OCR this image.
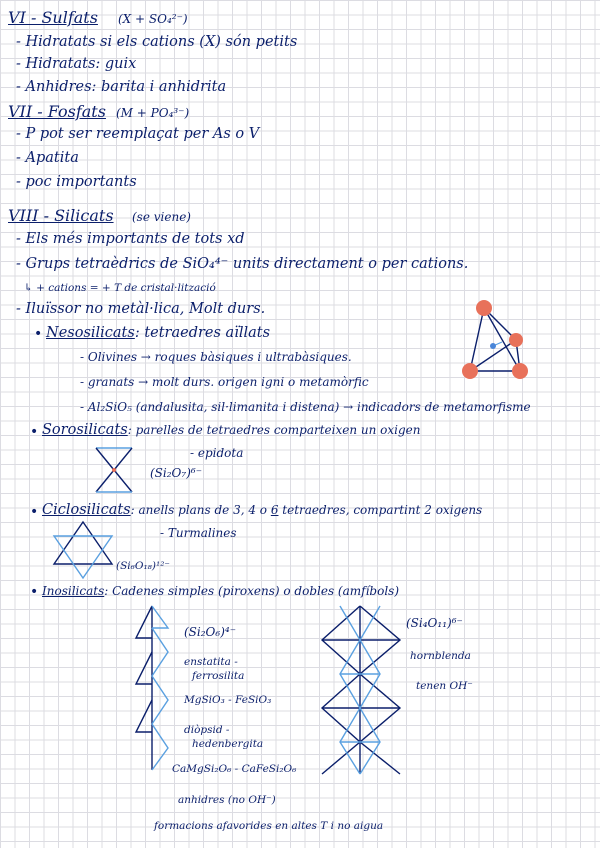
VI - Sulfats (X + SO₄²⁻)
- Hidratats si els cations (X) són petits
- Hidratats: guix
- Anhidres: barita i anhidrita
VII - Fosfats (M + PO₄³⁻)
- P pot ser reemplaçat per As o V
- Apatita
- poc importants
VIII - Silicats (se viene)
- Els més importants de tots xd
- Grups tetraèdrics de SiO₄⁴⁻ units directament o per cations.
↳ + cations = + T de cristal·lització
- Iluïssor no metàl·lica, Molt durs.
• Nesosilicats: tetraedres aïllats
- Olivines → roques bàsiques i ultrabàsiques.
- granats → molt durs. origen igni o metamòrfic
- Al₂SiO₅ (andalusita, sil·limanita i distena) → indicadors de metamorfisme
• Sorosilicats: parelles de tetraedres comparteixen un oxigen
- epidota
(Si₂O₇)⁶⁻
• Ciclosilicats: anells plans de 3, 4 o 6 tetraedres, compartint 2 oxigens
- Turmalines
(Si₆O₁₈)¹²⁻
• Inosilicats: Cadenes simples (piroxens) o dobles (amfíbols)
(Si₂O₆)⁴⁻
enstatita -
ferrosilita
MgSiO₃ - FeSiO₃
diòpsid -
hedenbergita
CaMgSi₂O₆ - CaFeSi₂O₆
anhidres (no OH⁻)
formacions afavorides en altes T i no aigua
(Si₄O₁₁)⁶⁻
hornblenda
tenen OH⁻
